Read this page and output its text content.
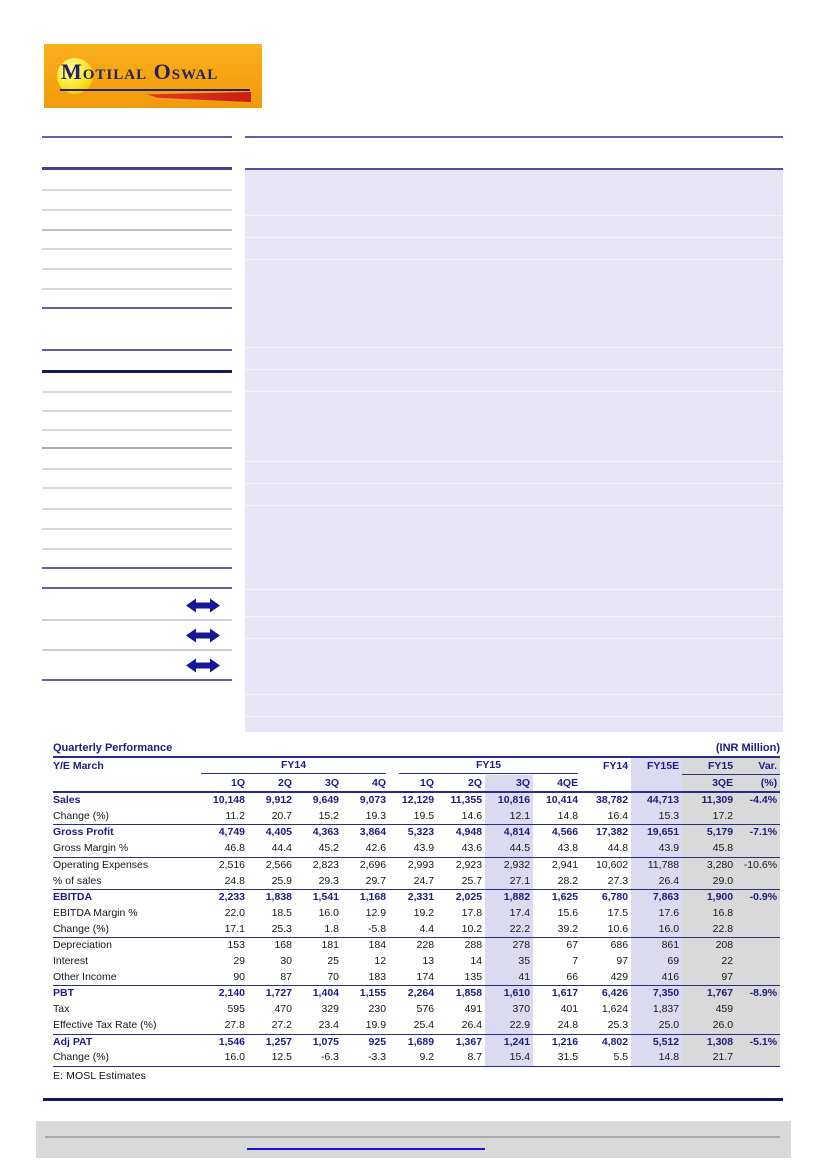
Motilal Oswal
Quarterly Performance	(INR Million)
Y/E March	FY14				FY15				FY14	FY15E	FY15	Var.
	1Q	2Q	3Q	4Q	1Q	2Q	3Q	4QE			3QE	(%)
Sales	10,148	9,912	9,649	9,073	12,129	11,355	10,816	10,414	38,782	44,713	11,309	-4.4%
Change (%)	11.2	20.7	15.2	19.3	19.5	14.6	12.1	14.8	16.4	15.3	17.2	
Gross Profit	4,749	4,405	4,363	3,864	5,323	4,948	4,814	4,566	17,382	19,651	5,179	-7.1%
Gross Margin %	46.8	44.4	45.2	42.6	43.9	43.6	44.5	43.8	44.8	43.9	45.8	
Operating Expenses	2,516	2,566	2,823	2,696	2,993	2,923	2,932	2,941	10,602	11,788	3,280	-10.6%
% of sales	24.8	25.9	29.3	29.7	24.7	25.7	27.1	28.2	27.3	26.4	29.0	
EBITDA	2,233	1,838	1,541	1,168	2,331	2,025	1,882	1,625	6,780	7,863	1,900	-0.9%
EBITDA Margin %	22.0	18.5	16.0	12.9	19.2	17.8	17.4	15.6	17.5	17.6	16.8	
Change (%)	17.1	25.3	1.8	-5.8	4.4	10.2	22.2	39.2	10.6	16.0	22.8	
Depreciation	153	168	181	184	228	288	278	67	686	861	208	
Interest	29	30	25	12	13	14	35	7	97	69	22	
Other Income	90	87	70	183	174	135	41	66	429	416	97	
PBT	2,140	1,727	1,404	1,155	2,264	1,858	1,610	1,617	6,426	7,350	1,767	-8.9%
Tax	595	470	329	230	576	491	370	401	1,624	1,837	459	
Effective Tax Rate (%)	27.8	27.2	23.4	19.9	25.4	26.4	22.9	24.8	25.3	25.0	26.0	
Adj PAT	1,546	1,257	1,075	925	1,689	1,367	1,241	1,216	4,802	5,512	1,308	-5.1%
Change (%)	16.0	12.5	-6.3	-3.3	9.2	8.7	15.4	31.5	5.5	14.8	21.7	
E: MOSL Estimates
